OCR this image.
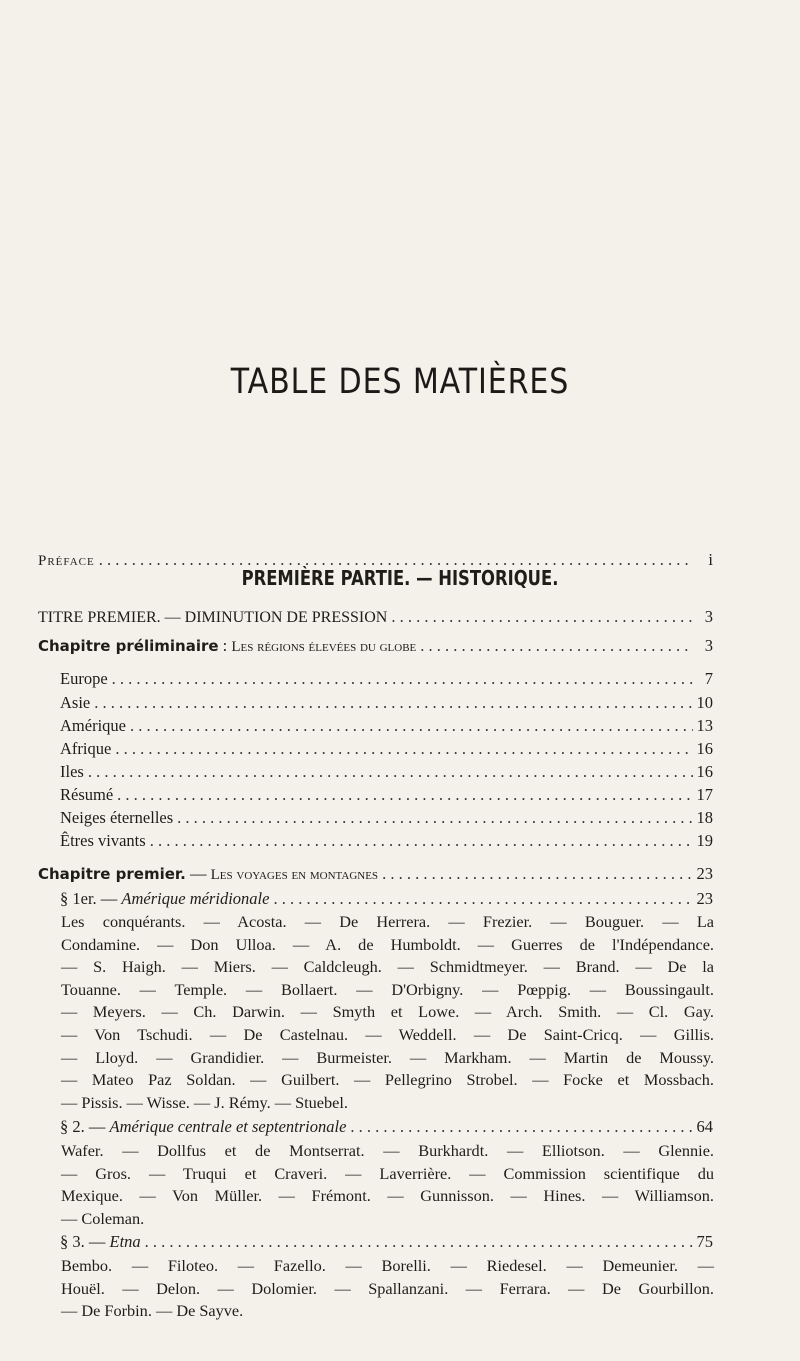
TABLE DES MATIÈRES
Préface . . .	i
PREMIÈRE PARTIE. — HISTORIQUE.
TITRE PREMIER. — DIMINUTION DE PRESSION . . .	3
Chapitre préliminaire : Les régions élevées du globe . . .	3
Europe . . .	7
Asie . . .	10
Amérique . . .	13
Afrique . . .	16
Iles . . .	16
Résumé . . .	17
Neiges éternelles . . .	18
Êtres vivants . . .	19
Chapitre premier. — Les voyages en montagnes . . .	23
§ 1er. — Amérique méridionale . . .	23
Les conquérants. — Acosta. — De Herrera. — Frezier. — Bouguer. — La
Condamine. — Don Ulloa. — A. de Humboldt. — Guerres de l'Indépendance.
— S. Haigh. — Miers. — Caldcleugh. — Schmidtmeyer. — Brand. — De la
Touanne. — Temple. — Bollaert. — D'Orbigny. — Pœppig. — Boussingault.
— Meyers. — Ch. Darwin. — Smyth et Lowe. — Arch. Smith. — Cl. Gay.
— Von Tschudi. — De Castelnau. — Weddell. — De Saint-Cricq. — Gillis.
— Lloyd. — Grandidier. — Burmeister. — Markham. — Martin de Moussy.
— Mateo Paz Soldan. — Guilbert. — Pellegrino Strobel. — Focke et Mossbach.
— Pissis. — Wisse. — J. Rémy. — Stuebel.
§ 2. — Amérique centrale et septentrionale . . .	64
Wafer. — Dollfus et de Montserrat. — Burkhardt. — Elliotson. — Glennie.
— Gros. — Truqui et Craveri. — Laverrière. — Commission scientifique du
Mexique. — Von Müller. — Frémont. — Gunnisson. — Hines. — Williamson.
— Coleman.
§ 3. — Etna . . .	75
Bembo. — Filoteo. — Fazello. — Borelli. — Riedesel. — Demeunier. —
Houël. — Delon. — Dolomier. — Spallanzani. — Ferrara. — De Gourbillon.
— De Forbin. — De Sayve.
